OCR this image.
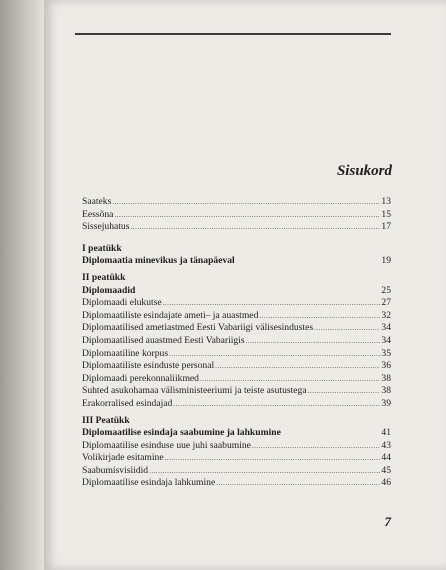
Sisukord
Saateks .....	13
Eessõna .....	15
Sissejuhatus .....	17
I peatükk
Diplomaatia minevikus ja tänapäeval	19
II peatükk
Diplomaadid	25
Diplomaadi elukutse .....	27
Diplomaatiliste esindajate ameti– ja auastmed .....	32
Diplomaatilised ametiastmed Eesti Vabariigi välisesindustes .....	34
Diplomaatilised auastmed Eesti Vabariigis .....	34
Diplomaatiline korpus .....	35
Diplomaatiliste esinduste personal .....	36
Diplomaadi perekonnaliikmed .....	38
Suhted asukohamaa välisministeeriumi ja teiste asutustega .....	38
Erakorralised esindajad .....	39
III Peatükk
Diplomaatilise esindaja saabumine ja lahkumine	41
Diplomaatilise esinduse uue juhi saabumine .....	43
Volikirjade esitamine .....	44
Saabumisvisiidid .....	45
Diplomaatilise esindaja lahkumine .....	46
7
